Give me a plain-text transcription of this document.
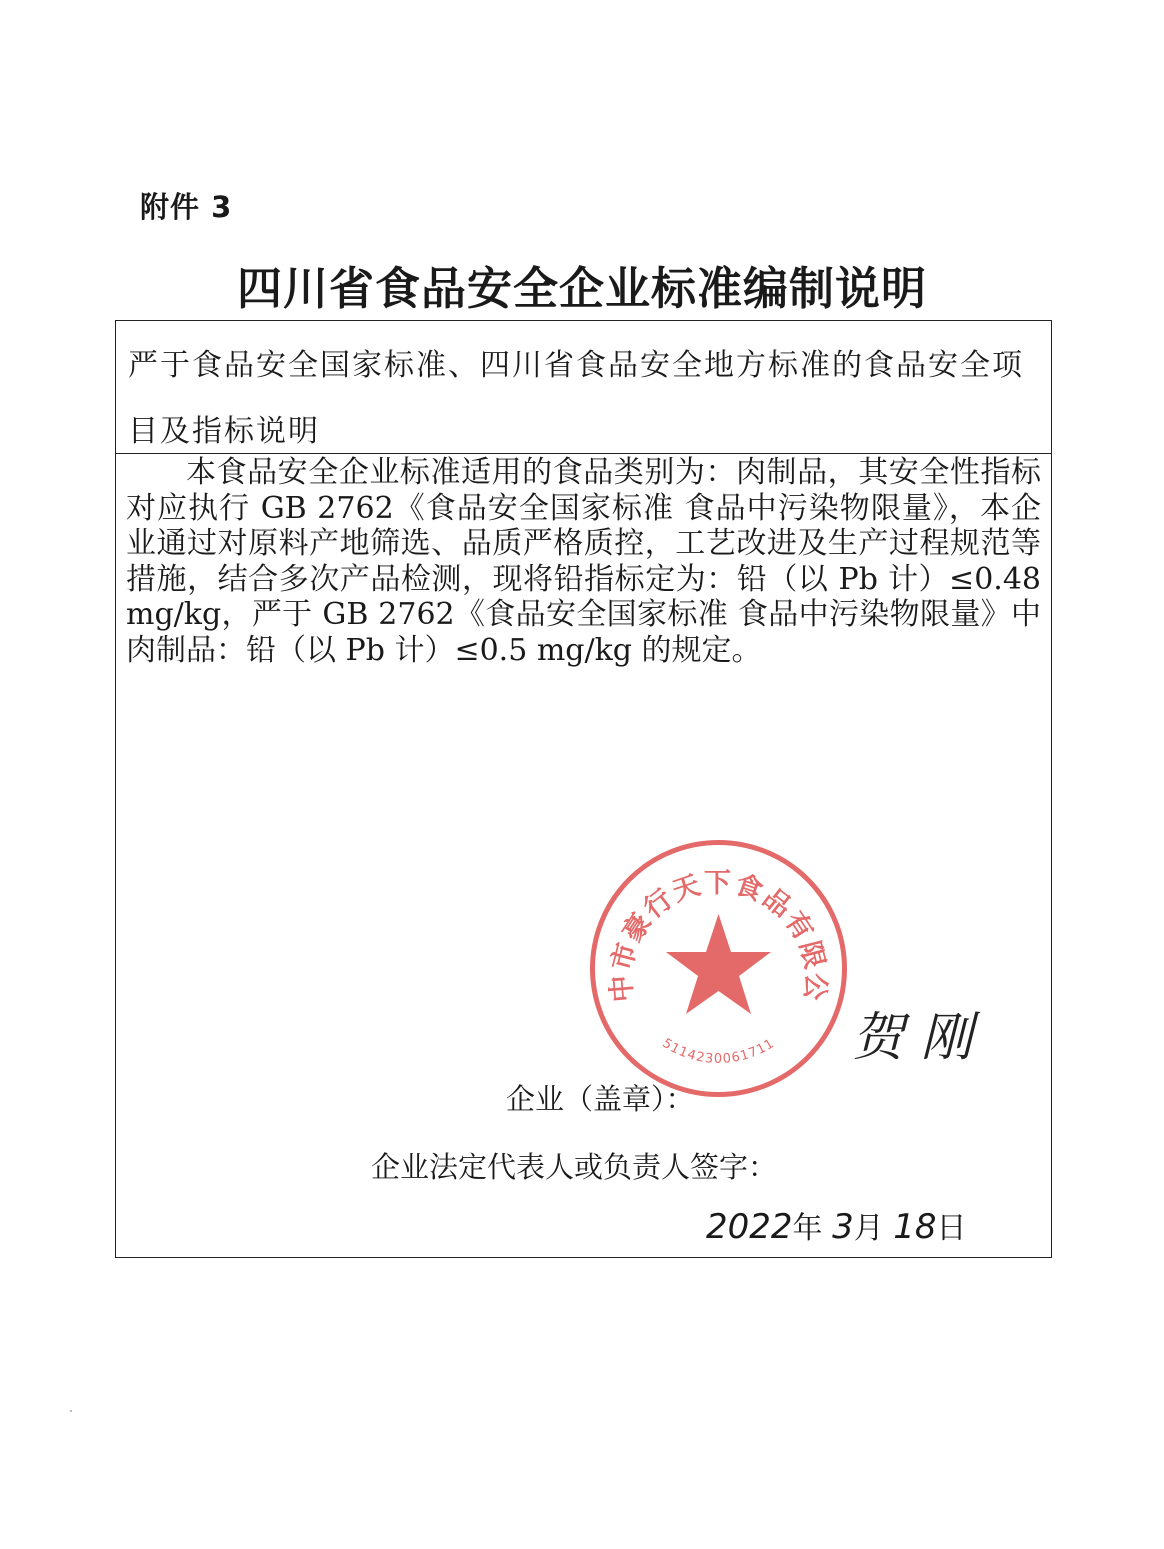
附件 3
四川省食品安全企业标准编制说明
严于食品安全国家标准、四川省食品安全地方标准的食品安全项目及指标说明

本食品安全企业标准适用的食品类别为：肉制品，其安全性指标对应执行 GB 2762《食品安全国家标准 食品中污染物限量》，本企业通过对原料产地筛选、品质严格质控，工艺改进及生产过程规范等措施，结合多次产品检测，现将铅指标定为：铅（以 Pb 计）≤0.48 mg/kg，严于 GB 2762《食品安全国家标准 食品中污染物限量》中肉制品：铅（以 Pb 计）≤0.5 mg/kg 的规定。

企业（盖章）：
企业法定代表人或负责人签字：
2022年 3月 18日
贺 刚
中市豪行天下食品有限公
5114230061711
